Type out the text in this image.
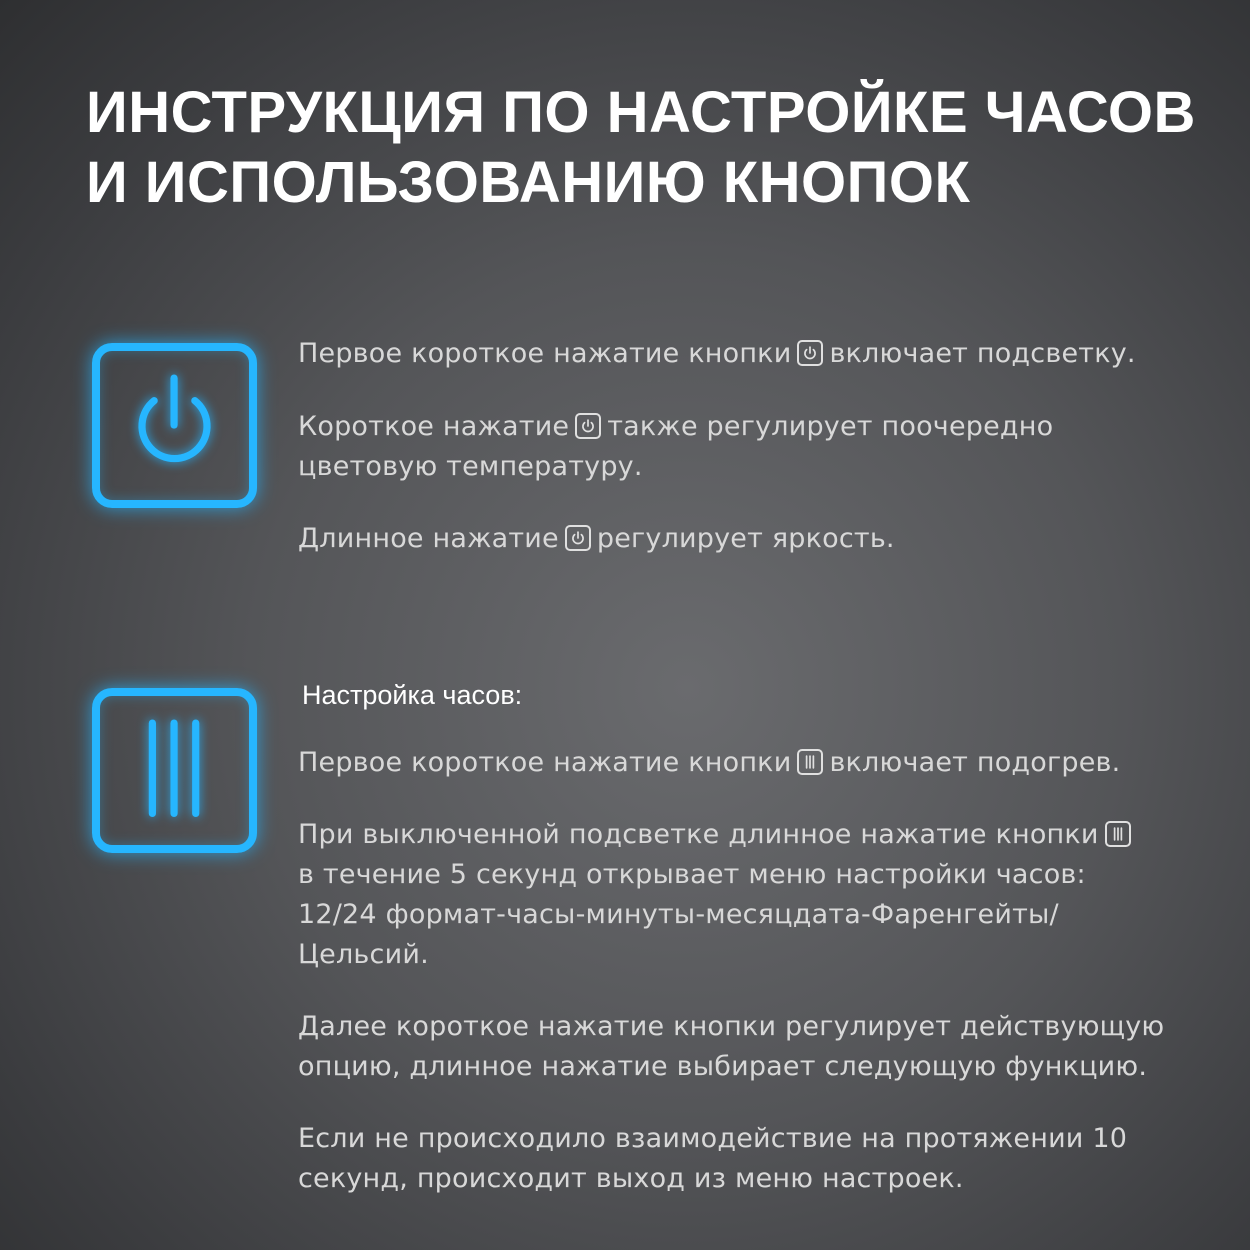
ИНСТРУКЦИЯ ПО НАСТРОЙКЕ ЧАСОВ
И ИСПОЛЬЗОВАНИЮ КНОПОК

Первое короткое нажатие кнопки включает подсветку.

Короткое нажатие также регулирует поочередно
цветовую температуру.

Длинное нажатие регулирует яркость.

Настройка часов:

Первое короткое нажатие кнопки включает подогрев.

При выключенной подсветке длинное нажатие кнопки

в течение 5 секунд открывает меню настройки часов:
12/24 формат-часы-минуты-месяцдата-Фаренгейты/
Цельсий.

Далее короткое нажатие кнопки регулирует действующую
опцию, длинное нажатие выбирает следующую функцию.

Если не происходило взаимодействие на протяжении 10
секунд, происходит выход из меню настроек.
